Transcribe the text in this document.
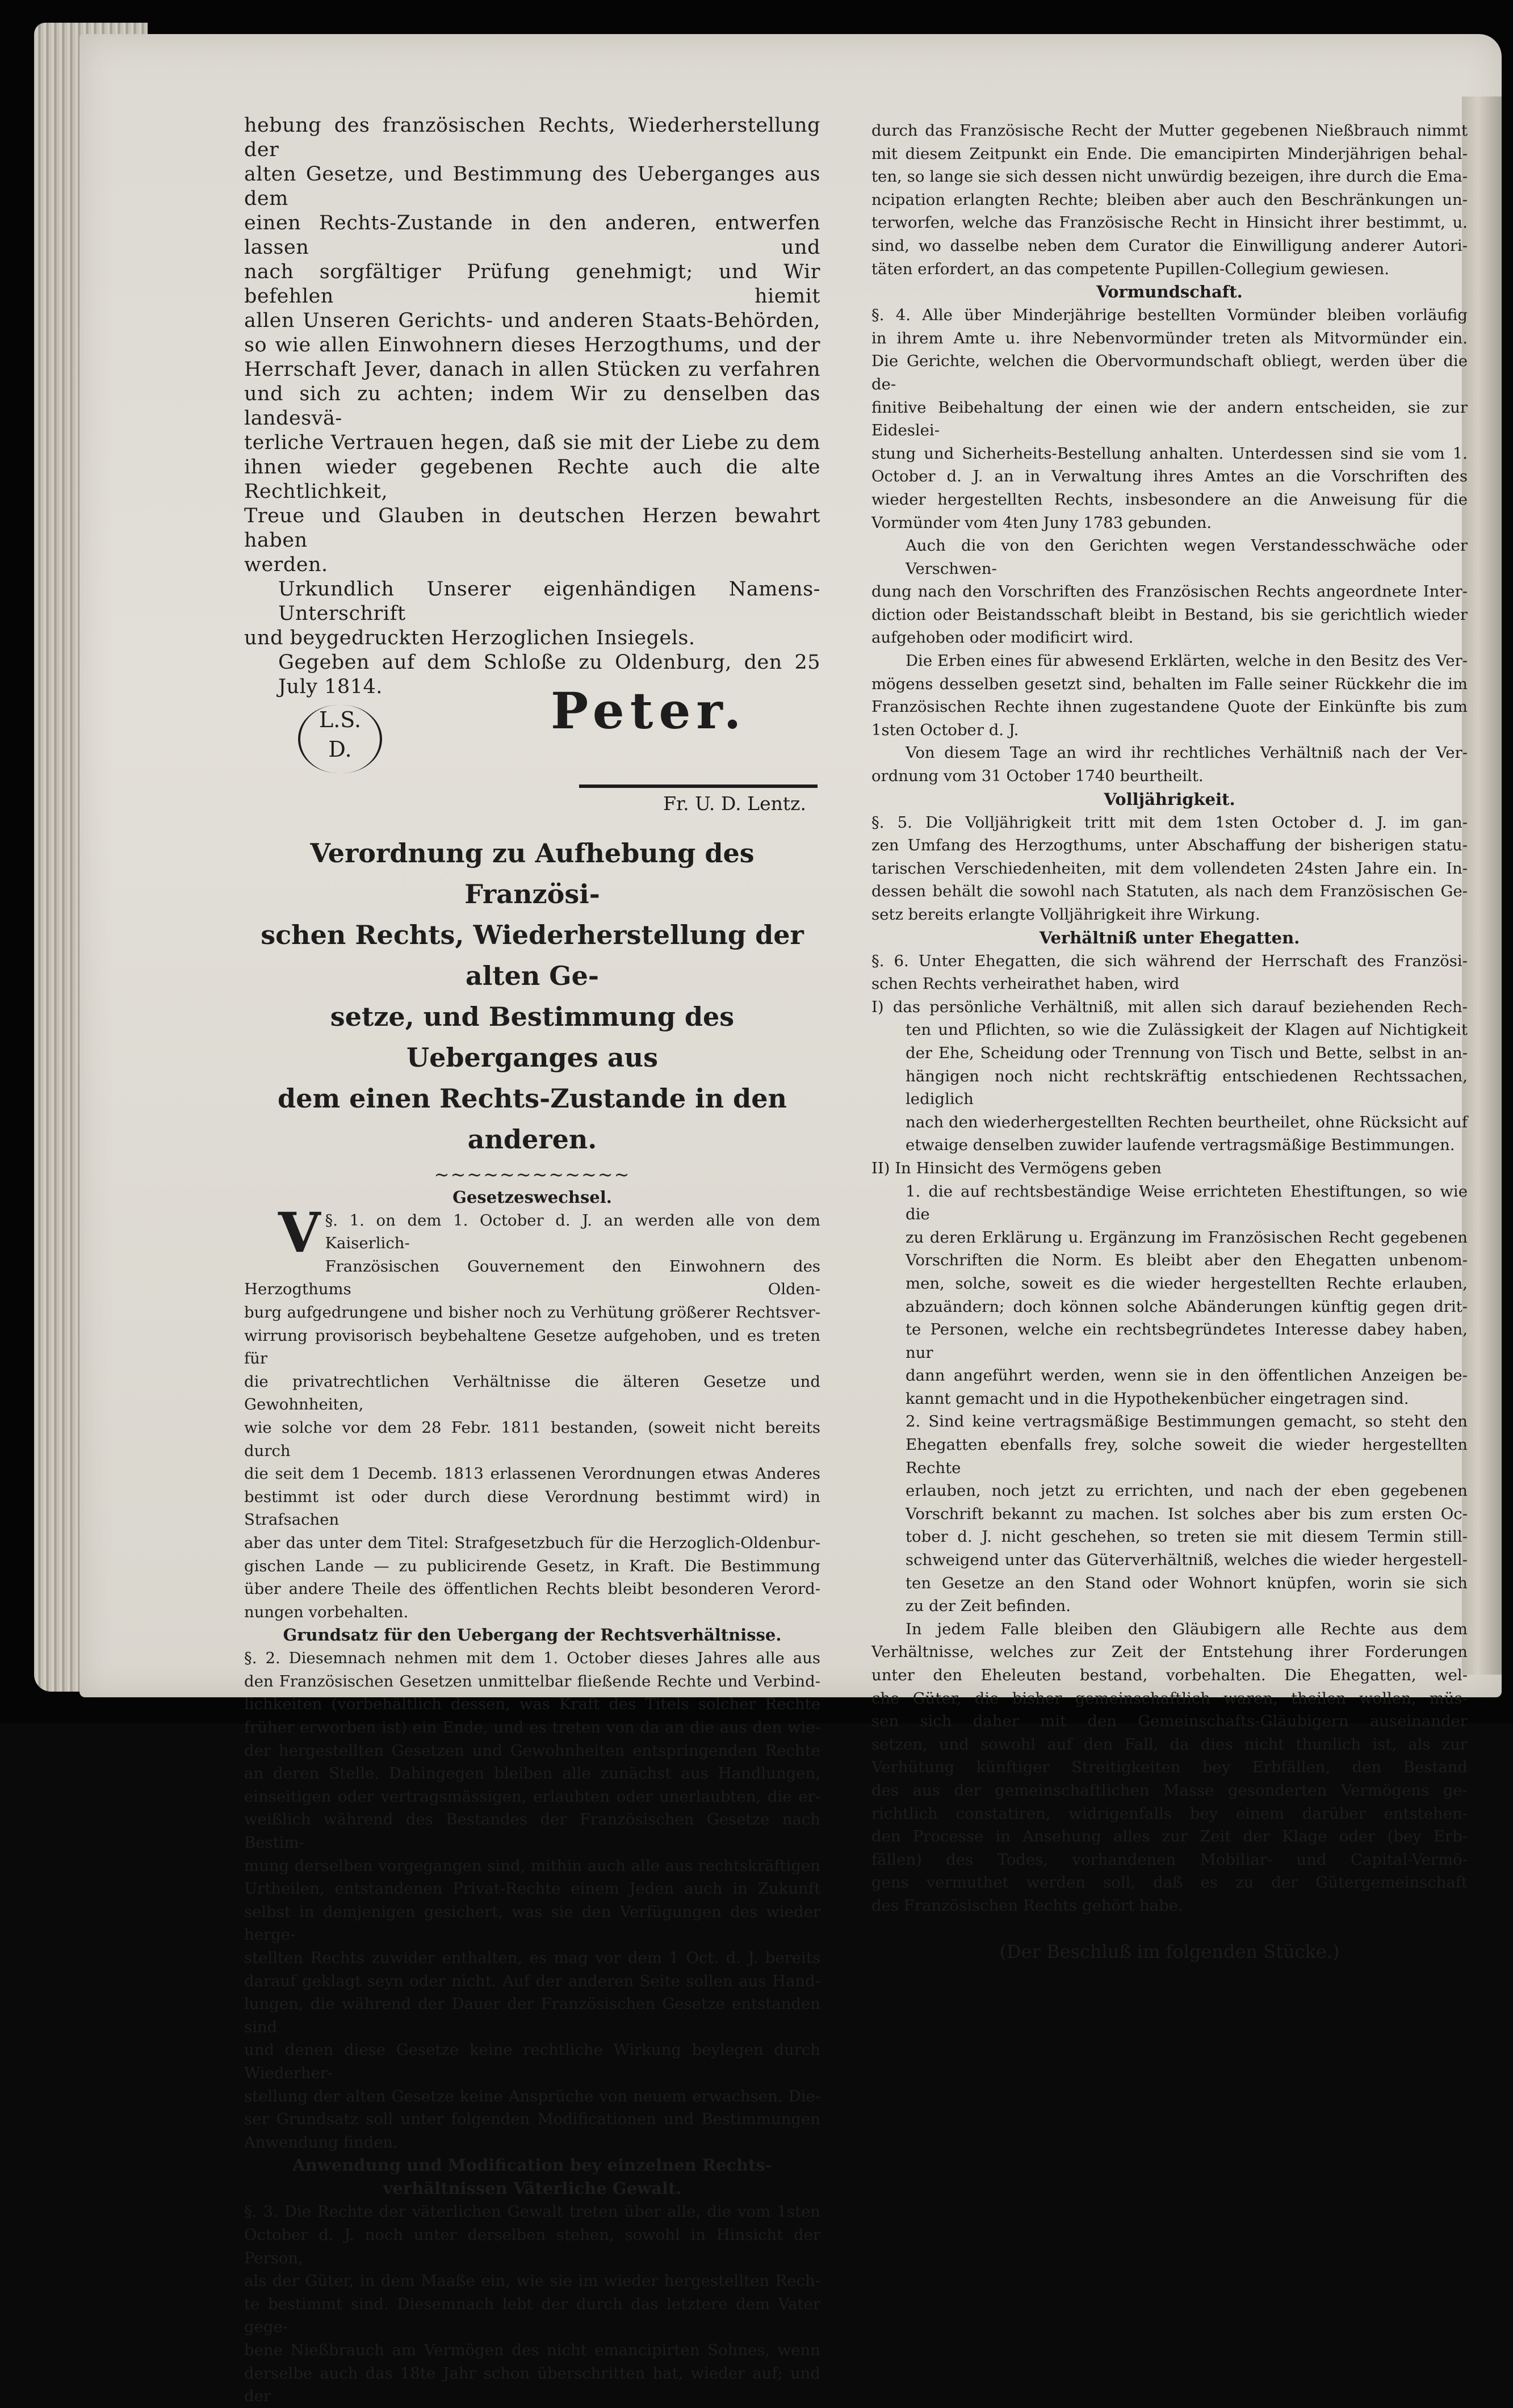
hebung des französischen Rechts, Wiederherstellung der

alten Gesetze, und Bestimmung des Ueberganges aus dem

einen Rechts-Zustande in den anderen, entwerfen lassen und

nach sorgfältiger Prüfung genehmigt; und Wir befehlen hiemit

allen Unseren Gerichts- und anderen Staats-Behörden,

so wie allen Einwohnern dieses Herzogthums, und der

Herrschaft Jever, danach in allen Stücken zu verfahren

und sich zu achten; indem Wir zu denselben das landesvä-

terliche Vertrauen hegen, daß sie mit der Liebe zu dem

ihnen wieder gegebenen Rechte auch die alte Rechtlichkeit,

Treue und Glauben in deutschen Herzen bewahrt haben

werden.

Urkundlich Unserer eigenhändigen Namens-Unterschrift

und beygedruckten Herzoglichen Insiegels.

Gegeben auf dem Schloße zu Oldenburg, den 25 July 1814.

L.S.
D.
Peter.
Fr. U. D. Lentz.
Verordnung zu Aufhebung des Französi-
schen Rechts, Wiederherstellung der alten Ge-
setze, und Bestimmung des Ueberganges aus
dem einen Rechts-Zustande in den anderen.
~~~~~~~~~~~~
Gesetzeswechsel.
V §. 1. on dem 1. October d. J. an werden alle von dem Kaiserlich-

Französischen Gouvernement den Einwohnern des Herzogthums Olden-

burg aufgedrungene und bisher noch zu Verhütung größerer Rechtsver-

wirrung provisorisch beybehaltene Gesetze aufgehoben, und es treten für

die privatrechtlichen Verhältnisse die älteren Gesetze und Gewohnheiten,

wie solche vor dem 28 Febr. 1811 bestanden, (soweit nicht bereits durch

die seit dem 1 Decemb. 1813 erlassenen Verordnungen etwas Anderes

bestimmt ist oder durch diese Verordnung bestimmt wird) in Strafsachen

aber das unter dem Titel: Strafgesetzbuch für die Herzoglich-Oldenbur-

gischen Lande — zu publicirende Gesetz, in Kraft. Die Bestimmung

über andere Theile des öffentlichen Rechts bleibt besonderen Verord-

nungen vorbehalten.

Grundsatz für den Uebergang der Rechtsverhältnisse.

§. 2. Diesemnach nehmen mit dem 1. October dieses Jahres alle aus

den Französischen Gesetzen unmittelbar fließende Rechte und Verbind-

lichkeiten (vorbehältlich dessen, was Kraft des Titels solcher Rechte

früher erworben ist) ein Ende, und es treten von da an die aus den wie-

der hergestellten Gesetzen und Gewohnheiten entspringenden Rechte

an deren Stelle. Dahingegen bleiben alle zunächst aus Handlungen,

einseitigen oder vertragsmässigen, erlaubten oder unerlaubten, die er-

weißlich während des Bestandes der Französischen Gesetze nach Bestim-

mung derselben vorgegangen sind, mithin auch alle aus rechtskräftigen

Urtheilen, entstandenen Privat-Rechte einem Jeden auch in Zukunft

selbst in demjenigen gesichert, was sie den Verfügungen des wieder herge-

stellten Rechts zuwider enthalten, es mag vor dem 1 Oct. d. J. bereits

darauf geklagt seyn oder nicht. Auf der anderen Seite sollen aus Hand-

lungen, die während der Dauer der Französischen Gesetze entstanden sind

und denen diese Gesetze keine rechtliche Wirkung beylegen durch Wiederher-

stellung der alten Gesetze keine Ansprüche von neuem erwachsen. Die-

ser Grundsatz soll unter folgenden Modificationen und Bestimmungen

Anwendung finden.

Anwendung und Modification bey einzelnen Rechts-
verhältnissen Väterliche Gewalt.

§. 3. Die Rechte der väterlichen Gewalt treten über alle, die vom 1sten

October d. J. noch unter derselben stehen, sowohl in Hinsicht der Person,

als der Güter, in dem Maaße ein, wie sie im wieder hergestellten Rech-

te bestimmt sind. Diesemnach lebt der durch das letztere dem Vater gege-

bene Nießbrauch am Vermögen des nicht emancipirten Sohnes, wenn

derselbe auch das 18te Jahr schon überschritten hat, wieder auf; und der

durch das Französische Recht der Mutter gegebenen Nießbrauch nimmt

mit diesem Zeitpunkt ein Ende. Die emancipirten Minderjährigen behal-

ten, so lange sie sich dessen nicht unwürdig bezeigen, ihre durch die Ema-

ncipation erlangten Rechte; bleiben aber auch den Beschränkungen un-

terworfen, welche das Französische Recht in Hinsicht ihrer bestimmt, u.

sind, wo dasselbe neben dem Curator die Einwilligung anderer Autori-

täten erfordert, an das competente Pupillen-Collegium gewiesen.

Vormundschaft.

§. 4. Alle über Minderjährige bestellten Vormünder bleiben vorläufig

in ihrem Amte u. ihre Nebenvormünder treten als Mitvormünder ein.

Die Gerichte, welchen die Obervormundschaft obliegt, werden über die de-

finitive Beibehaltung der einen wie der andern entscheiden, sie zur Eideslei-

stung und Sicherheits-Bestellung anhalten. Unterdessen sind sie vom 1.

October d. J. an in Verwaltung ihres Amtes an die Vorschriften des

wieder hergestellten Rechts, insbesondere an die Anweisung für die

Vormünder vom 4ten Juny 1783 gebunden.

Auch die von den Gerichten wegen Verstandesschwäche oder Verschwen-

dung nach den Vorschriften des Französischen Rechts angeordnete Inter-

diction oder Beistandsschaft bleibt in Bestand, bis sie gerichtlich wieder

aufgehoben oder modificirt wird.

Die Erben eines für abwesend Erklärten, welche in den Besitz des Ver-

mögens desselben gesetzt sind, behalten im Falle seiner Rückkehr die im

Französischen Rechte ihnen zugestandene Quote der Einkünfte bis zum

1sten October d. J.

Von diesem Tage an wird ihr rechtliches Verhältniß nach der Ver-

ordnung vom 31 October 1740 beurtheilt.

Volljährigkeit.

§. 5. Die Volljährigkeit tritt mit dem 1sten October d. J. im gan-

zen Umfang des Herzogthums, unter Abschaffung der bisherigen statu-

tarischen Verschiedenheiten, mit dem vollendeten 24sten Jahre ein. In-

dessen behält die sowohl nach Statuten, als nach dem Französischen Ge-

setz bereits erlangte Volljährigkeit ihre Wirkung.

Verhältniß unter Ehegatten.

§. 6. Unter Ehegatten, die sich während der Herrschaft des Französi-

schen Rechts verheirathet haben, wird

I) das persönliche Verhältniß, mit allen sich darauf beziehenden Rech-

ten und Pflichten, so wie die Zulässigkeit der Klagen auf Nichtigkeit

der Ehe, Scheidung oder Trennung von Tisch und Bette, selbst in an-

hängigen noch nicht rechtskräftig entschiedenen Rechtssachen, lediglich

nach den wiederhergestellten Rechten beurtheilet, ohne Rücksicht auf

etwaige denselben zuwider laufende vertragsmäßige Bestimmungen.

II) In Hinsicht des Vermögens geben

1. die auf rechtsbeständige Weise errichteten Ehestiftungen, so wie die

zu deren Erklärung u. Ergänzung im Französischen Recht gegebenen

Vorschriften die Norm. Es bleibt aber den Ehegatten unbenom-

men, solche, soweit es die wieder hergestellten Rechte erlauben,

abzuändern; doch können solche Abänderungen künftig gegen drit-

te Personen, welche ein rechtsbegründetes Interesse dabey haben, nur

dann angeführt werden, wenn sie in den öffentlichen Anzeigen be-

kannt gemacht und in die Hypothekenbücher eingetragen sind.

2. Sind keine vertragsmäßige Bestimmungen gemacht, so steht den

Ehegatten ebenfalls frey, solche soweit die wieder hergestellten Rechte

erlauben, noch jetzt zu errichten, und nach der eben gegebenen

Vorschrift bekannt zu machen. Ist solches aber bis zum ersten Oc-

tober d. J. nicht geschehen, so treten sie mit diesem Termin still-

schweigend unter das Güterverhältniß, welches die wieder hergestell-

ten Gesetze an den Stand oder Wohnort knüpfen, worin sie sich

zu der Zeit befinden.

In jedem Falle bleiben den Gläubigern alle Rechte aus dem

Verhältnisse, welches zur Zeit der Entstehung ihrer Forderungen

unter den Eheleuten bestand, vorbehalten. Die Ehegatten, wel-

che Güter, die bisher gemeinschaftlich waren, theilen wollen, müs-

sen sich daher mit den Gemeinschafts-Gläubigern auseinander

setzen, und sowohl auf den Fall, da dies nicht thunlich ist, als zur

Verhütung künftiger Streitigkeiten bey Erbfällen, den Bestand

des aus der gemeinschaftlichen Masse gesonderten Vermögens ge-

richtlich constatiren, widrigenfalls bey einem darüber entstehen-

den Processe in Ansehung alles zur Zeit der Klage oder (bey Erb-

fällen) des Todes, vorhandenen Mobiliar- und Capital-Vermö-

gens vermuthet werden soll, daß es zu der Gütergemeinschaft

des Französischen Rechts gehört habe.

(Der Beschluß im folgenden Stücke.)
